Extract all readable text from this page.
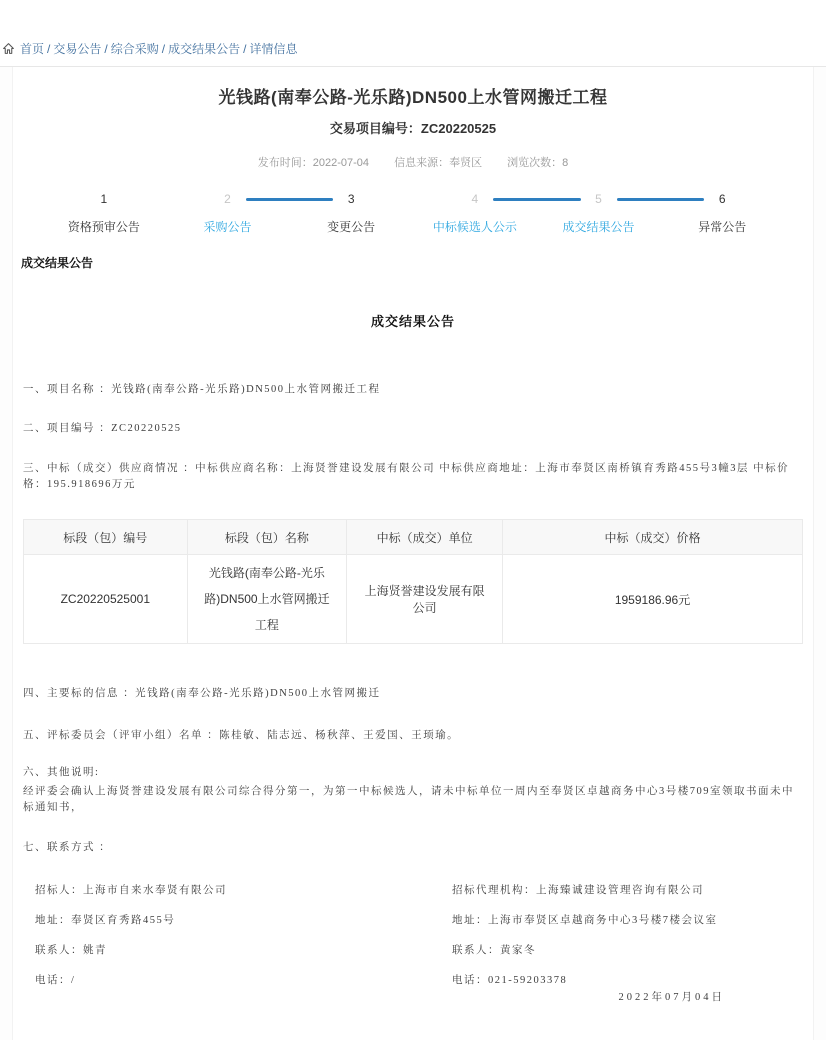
首页 / 交易公告 / 综合采购 / 成交结果公告 / 详情信息
光钱路(南奉公路-光乐路)DN500上水管网搬迁工程
交易项目编号：ZC20220525
发布时间：2022-07-04 信息来源：奉贤区 浏览次数：8
1
资格预审公告
2
采购公告
3
变更公告
4
中标候选人公示
5
成交结果公告
6
异常公告
成交结果公告
成交结果公告

一、项目名称 ：光钱路(南奉公路-光乐路)DN500上水管网搬迁工程

二、项目编号 ：ZC20220525

三、中标（成交）供应商情况 ：中标供应商名称：上海贤誉建设发展有限公司 中标供应商地址：上海市奉贤区南桥镇育秀路455号3幢3层 中标价格：195.918696万元

标段（包）编号	标段（包）名称	中标（成交）单位	中标（成交）价格
ZC20220525001	光钱路(南奉公路-光乐路)DN500上水管网搬迁工程	上海贤誉建设发展有限公司	1959186.96元

四、主要标的信息 ：光钱路(南奉公路-光乐路)DN500上水管网搬迁

五、评标委员会（评审小组）名单 ：陈桂敏、陆志远、杨秋萍、王爱国、王顼瑜。

六、其他说明:

经评委会确认上海贤誉建设发展有限公司综合得分第一，为第一中标候选人，请未中标单位一周内至奉贤区卓越商务中心3号楼709室领取书面未中标通知书，

七、联系方式 ：

招标人：上海市自来水奉贤有限公司

地址：奉贤区育秀路455号

联系人：姚青

电话：/

招标代理机构：上海臻诚建设管理咨询有限公司

地址：上海市奉贤区卓越商务中心3号楼7楼会议室

联系人：黄家冬

电话：021-59203378

2022年07月04日
